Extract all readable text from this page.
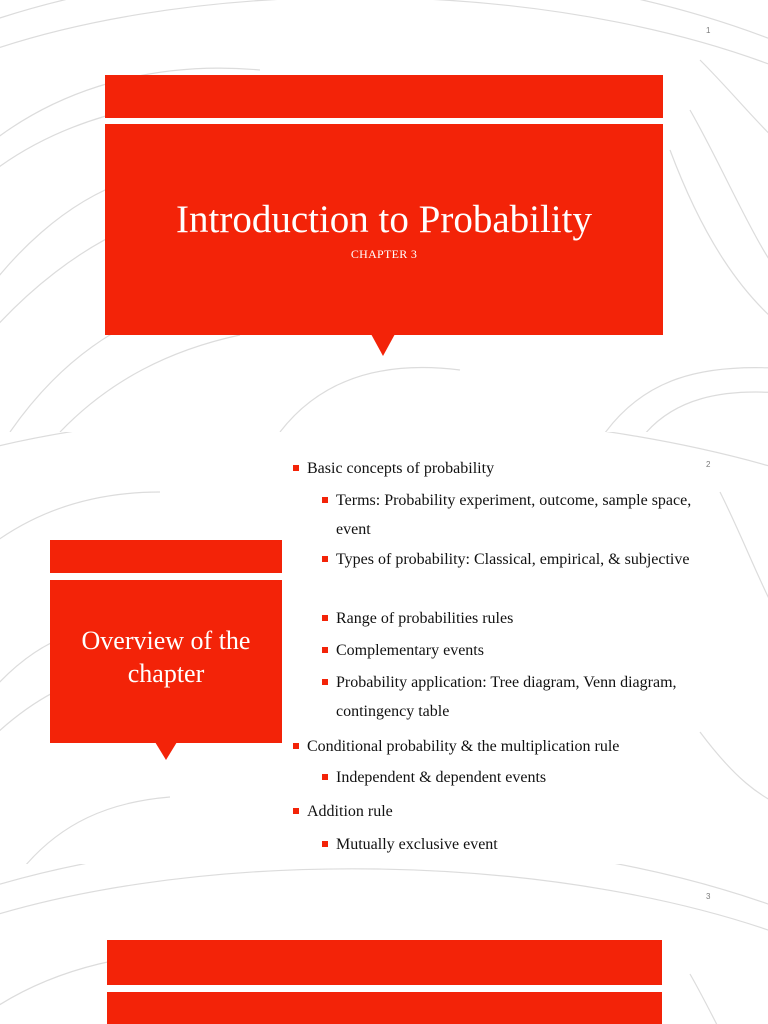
1
Introduction to Probability
CHAPTER 3
2
Overview of the chapter
Basic concepts of probability
Terms: Probability experiment, outcome, sample space, event
Types of probability: Classical, empirical, & subjective
Range of probabilities rules
Complementary events
Probability application: Tree diagram, Venn diagram, contingency table
Conditional probability & the multiplication rule
Independent & dependent events
Addition rule
Mutually exclusive event
3
